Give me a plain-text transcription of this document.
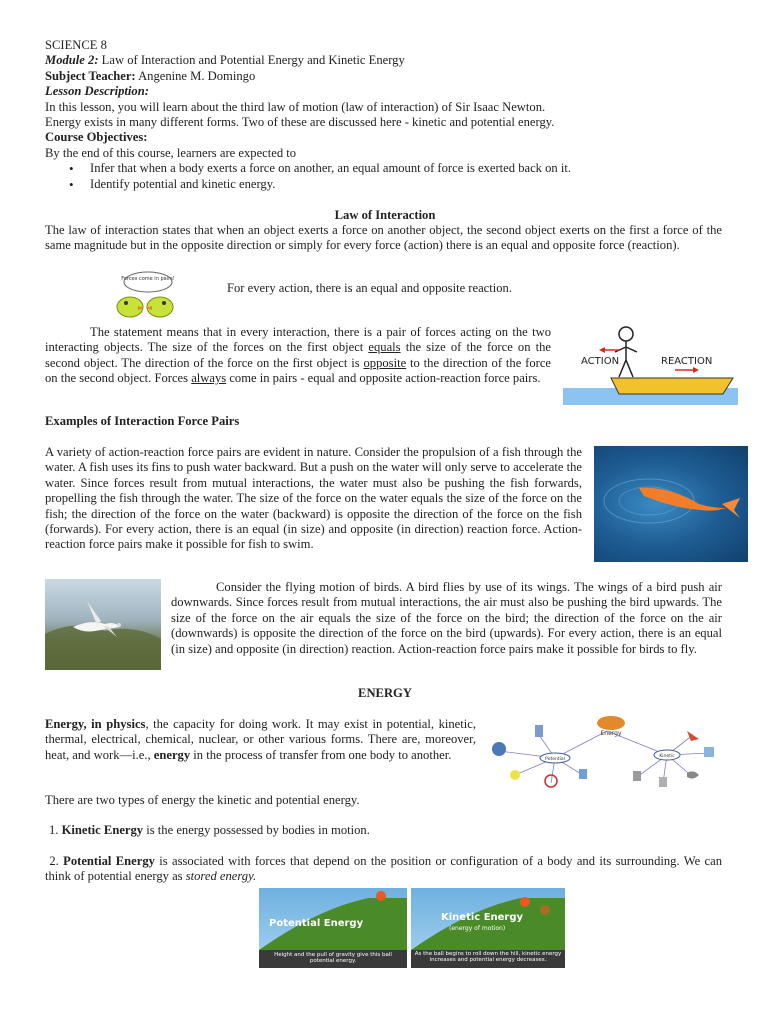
SCIENCE 8
Module 2: Law of Interaction and Potential Energy and Kinetic Energy
Subject Teacher: Angenine M. Domingo
Lesson Description:
In this lesson, you will learn about the third law of motion (law of interaction) of Sir Isaac Newton.
Energy exists in many different forms. Two of these are discussed here - kinetic and potential energy.
Course Objectives:
By the end of this course, learners are expected to
• Infer that when a body exerts a force on another, an equal amount of force is exerted back on it.
• Identify potential and kinetic energy.
Law of Interaction
The law of interaction states that when an object exerts a force on another object, the second object exerts on the first a force of the same magnitude but in the opposite direction or simply for every force (action) there is an equal and opposite force (reaction).
Forces come in pairs!
For every action, there is an equal and opposite reaction.
The statement means that in every interaction, there is a pair of forces acting on the two interacting objects. The size of the forces on the first object equals the size of the force on the second object. The direction of the force on the first object is opposite to the direction of the force on the second object. Forces always come in pairs - equal and opposite action-reaction force pairs.
ACTION	REACTION
Examples of Interaction Force Pairs
A variety of action-reaction force pairs are evident in nature. Consider the propulsion of a fish through the water. A fish uses its fins to push water backward. But a push on the water will only serve to accelerate the water. Since forces result from mutual interactions, the water must also be pushing the fish forwards, propelling the fish through the water. The size of the force on the water equals the size of the force on the fish; the direction of the force on the water (backward) is opposite the direction of the force on the fish (forwards). For every action, there is an equal (in size) and opposite (in direction) reaction force. Action-reaction force pairs make it possible for fish to swim.
Consider the flying motion of birds. A bird flies by use of its wings. The wings of a bird push air downwards. Since forces result from mutual interactions, the air must also be pushing the bird upwards. The size of the force on the air equals the size of the force on the bird; the direction of the force on the air (downwards) is opposite the direction of the force on the bird (upwards). For every action, there is an equal (in size) and opposite (in direction) reaction. Action-reaction force pairs make it possible for birds to fly.
ENERGY
Energy, in physics, the capacity for doing work. It may exist in potential, kinetic, thermal, electrical, chemical, nuclear, or other various forms. There are, moreover, heat, and work—i.e., energy in the process of transfer from one body to another.
Energy
Potential
Kinetic
There are two types of energy the kinetic and potential energy.
1. Kinetic Energy is the energy possessed by bodies in motion.
2. Potential Energy is associated with forces that depend on the position or configuration of a body and its surrounding. We can think of potential energy as stored energy.
Potential Energy
Height and the pull of gravity give this ball potential energy.
Kinetic Energy
(energy of motion)
As the ball begins to roll down the hill, kinetic energy increases and potential energy decreases.
